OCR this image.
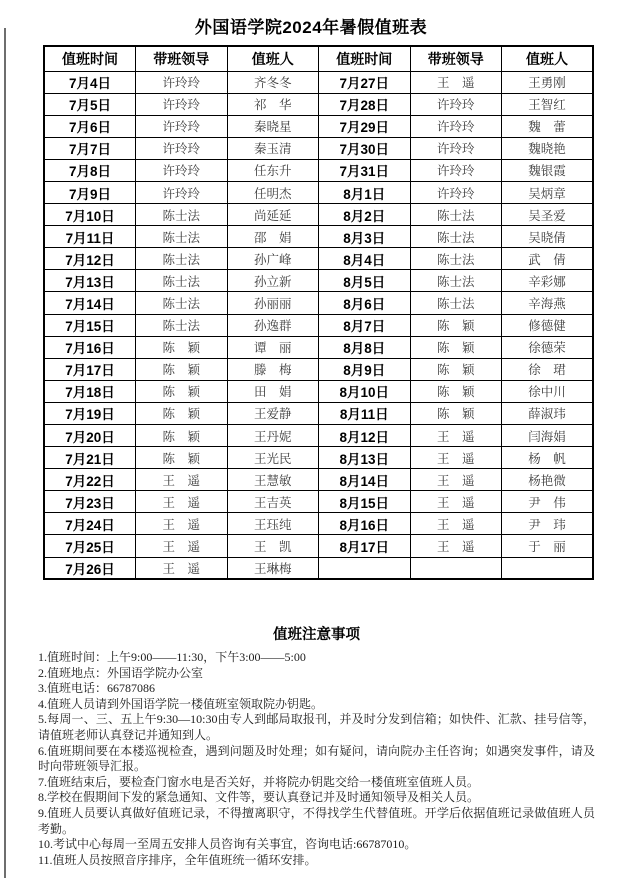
外国语学院2024年暑假值班表
值班时间	带班领导	值班人	值班时间	带班领导	值班人
7月4日	许玲玲	齐冬冬	7月27日	王　遥	王勇刚
7月5日	许玲玲	祁　华	7月28日	许玲玲	王智红
7月6日	许玲玲	秦晓星	7月29日	许玲玲	魏　蕾
7月7日	许玲玲	秦玉清	7月30日	许玲玲	魏晓艳
7月8日	许玲玲	任东升	7月31日	许玲玲	魏银霞
7月9日	许玲玲	任明杰	8月1日	许玲玲	吴炳章
7月10日	陈士法	尚延延	8月2日	陈士法	吴圣爱
7月11日	陈士法	邵　娟	8月3日	陈士法	吴晓倩
7月12日	陈士法	孙广峰	8月4日	陈士法	武　倩
7月13日	陈士法	孙立新	8月5日	陈士法	辛彩娜
7月14日	陈士法	孙丽丽	8月6日	陈士法	辛海燕
7月15日	陈士法	孙逸群	8月7日	陈　颖	修德健
7月16日	陈　颖	谭　丽	8月8日	陈　颖	徐德荣
7月17日	陈　颖	滕　梅	8月9日	陈　颖	徐　珺
7月18日	陈　颖	田　娟	8月10日	陈　颖	徐中川
7月19日	陈　颖	王爱静	8月11日	陈　颖	薛淑玮
7月20日	陈　颖	王丹妮	8月12日	王　遥	闫海娟
7月21日	陈　颖	王光民	8月13日	王　遥	杨　帆
7月22日	王　遥	王慧敏	8月14日	王　遥	杨艳微
7月23日	王　遥	王吉英	8月15日	王　遥	尹　伟
7月24日	王　遥	王珏纯	8月16日	王　遥	尹　玮
7月25日	王　遥	王　凯	8月17日	王　遥	于　丽
7月26日	王　遥	王琳梅			
值班注意事项
1.值班时间：上午9:00——11:30，下午3:00——5:00
2.值班地点：外国语学院办公室
3.值班电话：66787086
4.值班人员请到外国语学院一楼值班室领取院办钥匙。
5.每周一、三、五上午9:30—10:30由专人到邮局取报刊，并及时分发到信箱；如快件、汇款、挂号信等，请值班老师认真登记并通知到人。
6.值班期间要在本楼巡视检查，遇到问题及时处理；如有疑问，请向院办主任咨询；如遇突发事件，请及时向带班领导汇报。
7.值班结束后，要检查门窗水电是否关好，并将院办钥匙交给一楼值班室值班人员。
8.学校在假期间下发的紧急通知、文件等，要认真登记并及时通知领导及相关人员。
9.值班人员要认真做好值班记录，不得擅离职守，不得找学生代替值班。开学后依据值班记录做值班人员考勤。
10.考试中心每周一至周五安排人员咨询有关事宜，咨询电话:66787010。
11.值班人员按照音序排序，全年值班统一循环安排。
